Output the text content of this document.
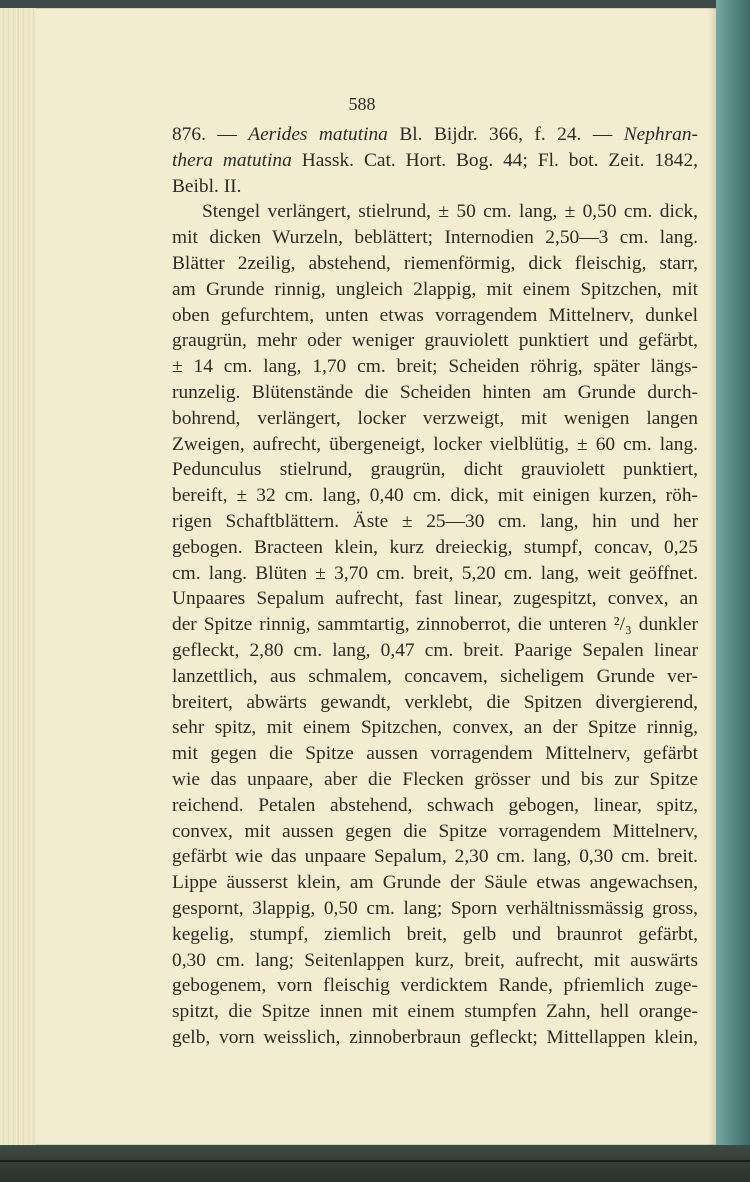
588
876. — Aerides matutina Bl. Bijdr. 366, f. 24. — Nephran-
thera matutina Hassk. Cat. Hort. Bog. 44; Fl. bot. Zeit. 1842,
Beibl. II.
Stengel verlängert, stielrund, ± 50 cm. lang, ± 0,50 cm. dick,
mit dicken Wurzeln, beblättert; Internodien 2,50—3 cm. lang.
Blätter 2zeilig, abstehend, riemenförmig, dick fleischig, starr,
am Grunde rinnig, ungleich 2lappig, mit einem Spitzchen, mit
oben gefurchtem, unten etwas vorragendem Mittelnerv, dunkel
graugrün, mehr oder weniger grauviolett punktiert und gefärbt,
± 14 cm. lang, 1,70 cm. breit; Scheiden röhrig, später längs-
runzelig. Blütenstände die Scheiden hinten am Grunde durch-
bohrend, verlängert, locker verzweigt, mit wenigen langen
Zweigen, aufrecht, übergeneigt, locker vielblütig, ± 60 cm. lang.
Pedunculus stielrund, graugrün, dicht grauviolett punktiert,
bereift, ± 32 cm. lang, 0,40 cm. dick, mit einigen kurzen, röh-
rigen Schaftblättern. Äste ± 25—30 cm. lang, hin und her
gebogen. Bracteen klein, kurz dreieckig, stumpf, concav, 0,25
cm. lang. Blüten ± 3,70 cm. breit, 5,20 cm. lang, weit geöffnet.
Unpaares Sepalum aufrecht, fast linear, zugespitzt, convex, an
der Spitze rinnig, sammtartig, zinnoberrot, die unteren ²/₃ dunkler
gefleckt, 2,80 cm. lang, 0,47 cm. breit. Paarige Sepalen linear
lanzettlich, aus schmalem, concavem, sicheligem Grunde ver-
breitert, abwärts gewandt, verklebt, die Spitzen divergierend,
sehr spitz, mit einem Spitzchen, convex, an der Spitze rinnig,
mit gegen die Spitze aussen vorragendem Mittelnerv, gefärbt
wie das unpaare, aber die Flecken grösser und bis zur Spitze
reichend. Petalen abstehend, schwach gebogen, linear, spitz,
convex, mit aussen gegen die Spitze vorragendem Mittelnerv,
gefärbt wie das unpaare Sepalum, 2,30 cm. lang, 0,30 cm. breit.
Lippe äusserst klein, am Grunde der Säule etwas angewachsen,
gespornt, 3lappig, 0,50 cm. lang; Sporn verhältnissmässig gross,
kegelig, stumpf, ziemlich breit, gelb und braunrot gefärbt,
0,30 cm. lang; Seitenlappen kurz, breit, aufrecht, mit auswärts
gebogenem, vorn fleischig verdicktem Rande, pfriemlich zuge-
spitzt, die Spitze innen mit einem stumpfen Zahn, hell orange-
gelb, vorn weisslich, zinnoberbraun gefleckt; Mittellappen klein,
